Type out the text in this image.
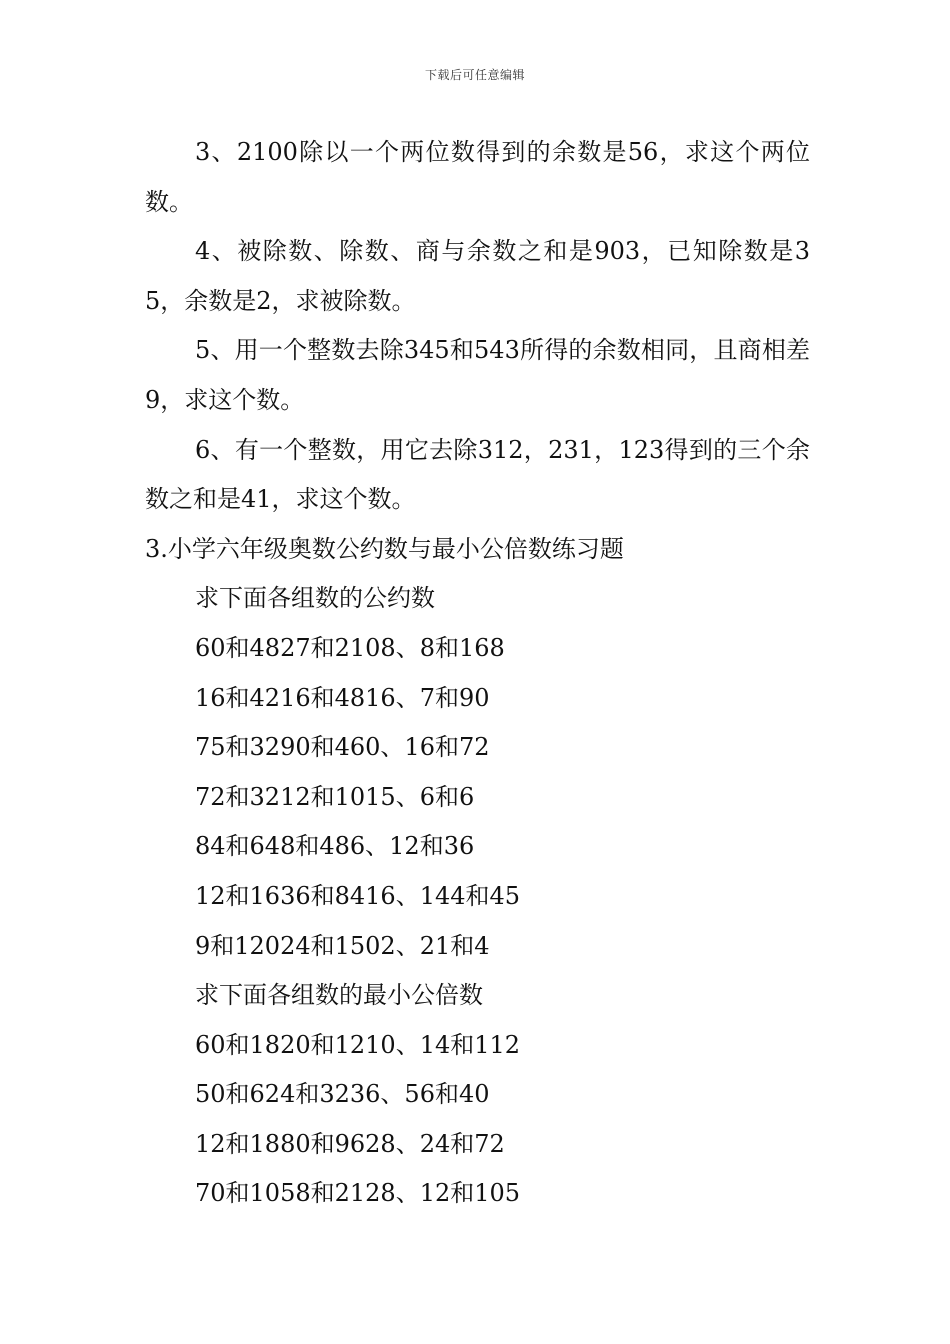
下载后可任意编辑

3、2100除以一个两位数得到的余数是56，求这个两位数。

4、被除数、除数、商与余数之和是903，已知除数是35，余数是2，求被除数。

5、用一个整数去除345和543所得的余数相同，且商相差9，求这个数。

6、有一个整数，用它去除312，231，123得到的三个余数之和是41，求这个数。

3.小学六年级奥数公约数与最小公倍数练习题

求下面各组数的公约数

60和4827和2108、8和168

16和4216和4816、7和90

75和3290和460、16和72

72和3212和1015、6和6

84和648和486、12和36

12和1636和8416、144和45

9和12024和1502、21和4

求下面各组数的最小公倍数

60和1820和1210、14和112

50和624和3236、56和40

12和1880和9628、24和72

70和1058和2128、12和105
